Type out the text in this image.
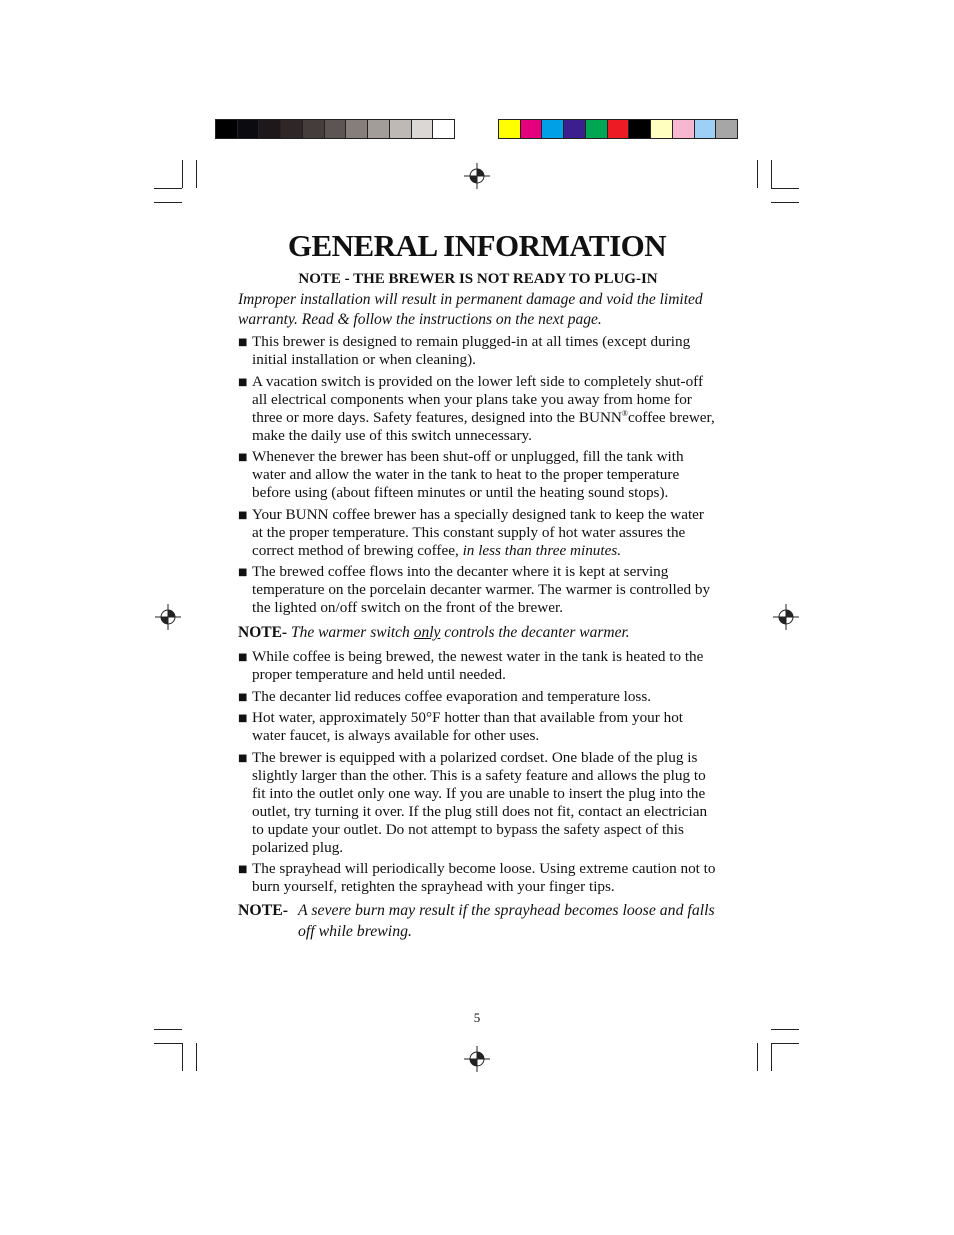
GENERAL INFORMATION

NOTE - THE BREWER IS NOT READY TO PLUG-IN

Improper installation will result in permanent damage and void the limited warranty. Read & follow the instructions on the next page.

■ This brewer is designed to remain plugged-in at all times (except during initial installation or when cleaning).
■ A vacation switch is provided on the lower left side to completely shut-off all electrical components when your plans take you away from home for three or more days. Safety features, designed into the BUNN®coffee brewer, make the daily use of this switch unnecessary.
■ Whenever the brewer has been shut-off or unplugged, fill the tank with water and allow the water in the tank to heat to the proper temperature before using (about fifteen minutes or until the heating sound stops).
■ Your BUNN coffee brewer has a specially designed tank to keep the water at the proper temperature. This constant supply of hot water assures the correct method of brewing coffee, in less than three minutes.
■ The brewed coffee flows into the decanter where it is kept at serving temperature on the porcelain decanter warmer. The warmer is controlled by the lighted on/off switch on the front of the brewer.

NOTE- The warmer switch only controls the decanter warmer.

■ While coffee is being brewed, the newest water in the tank is heated to the proper temperature and held until needed.
■ The decanter lid reduces coffee evaporation and temperature loss.
■ Hot water, approximately 50°F hotter than that available from your hot water faucet, is always available for other uses.
■ The brewer is equipped with a polarized cordset. One blade of the plug is slightly larger than the other. This is a safety feature and allows the plug to fit into the outlet only one way. If you are unable to insert the plug into the outlet, try turning it over. If the plug still does not fit, contact an electrician to update your outlet. Do not attempt to bypass the safety aspect of this polarized plug.
■ The sprayhead will periodically become loose. Using extreme caution not to burn yourself, retighten the sprayhead with your finger tips.
NOTE- A severe burn may result if the sprayhead becomes loose and falls off while brewing.
5
